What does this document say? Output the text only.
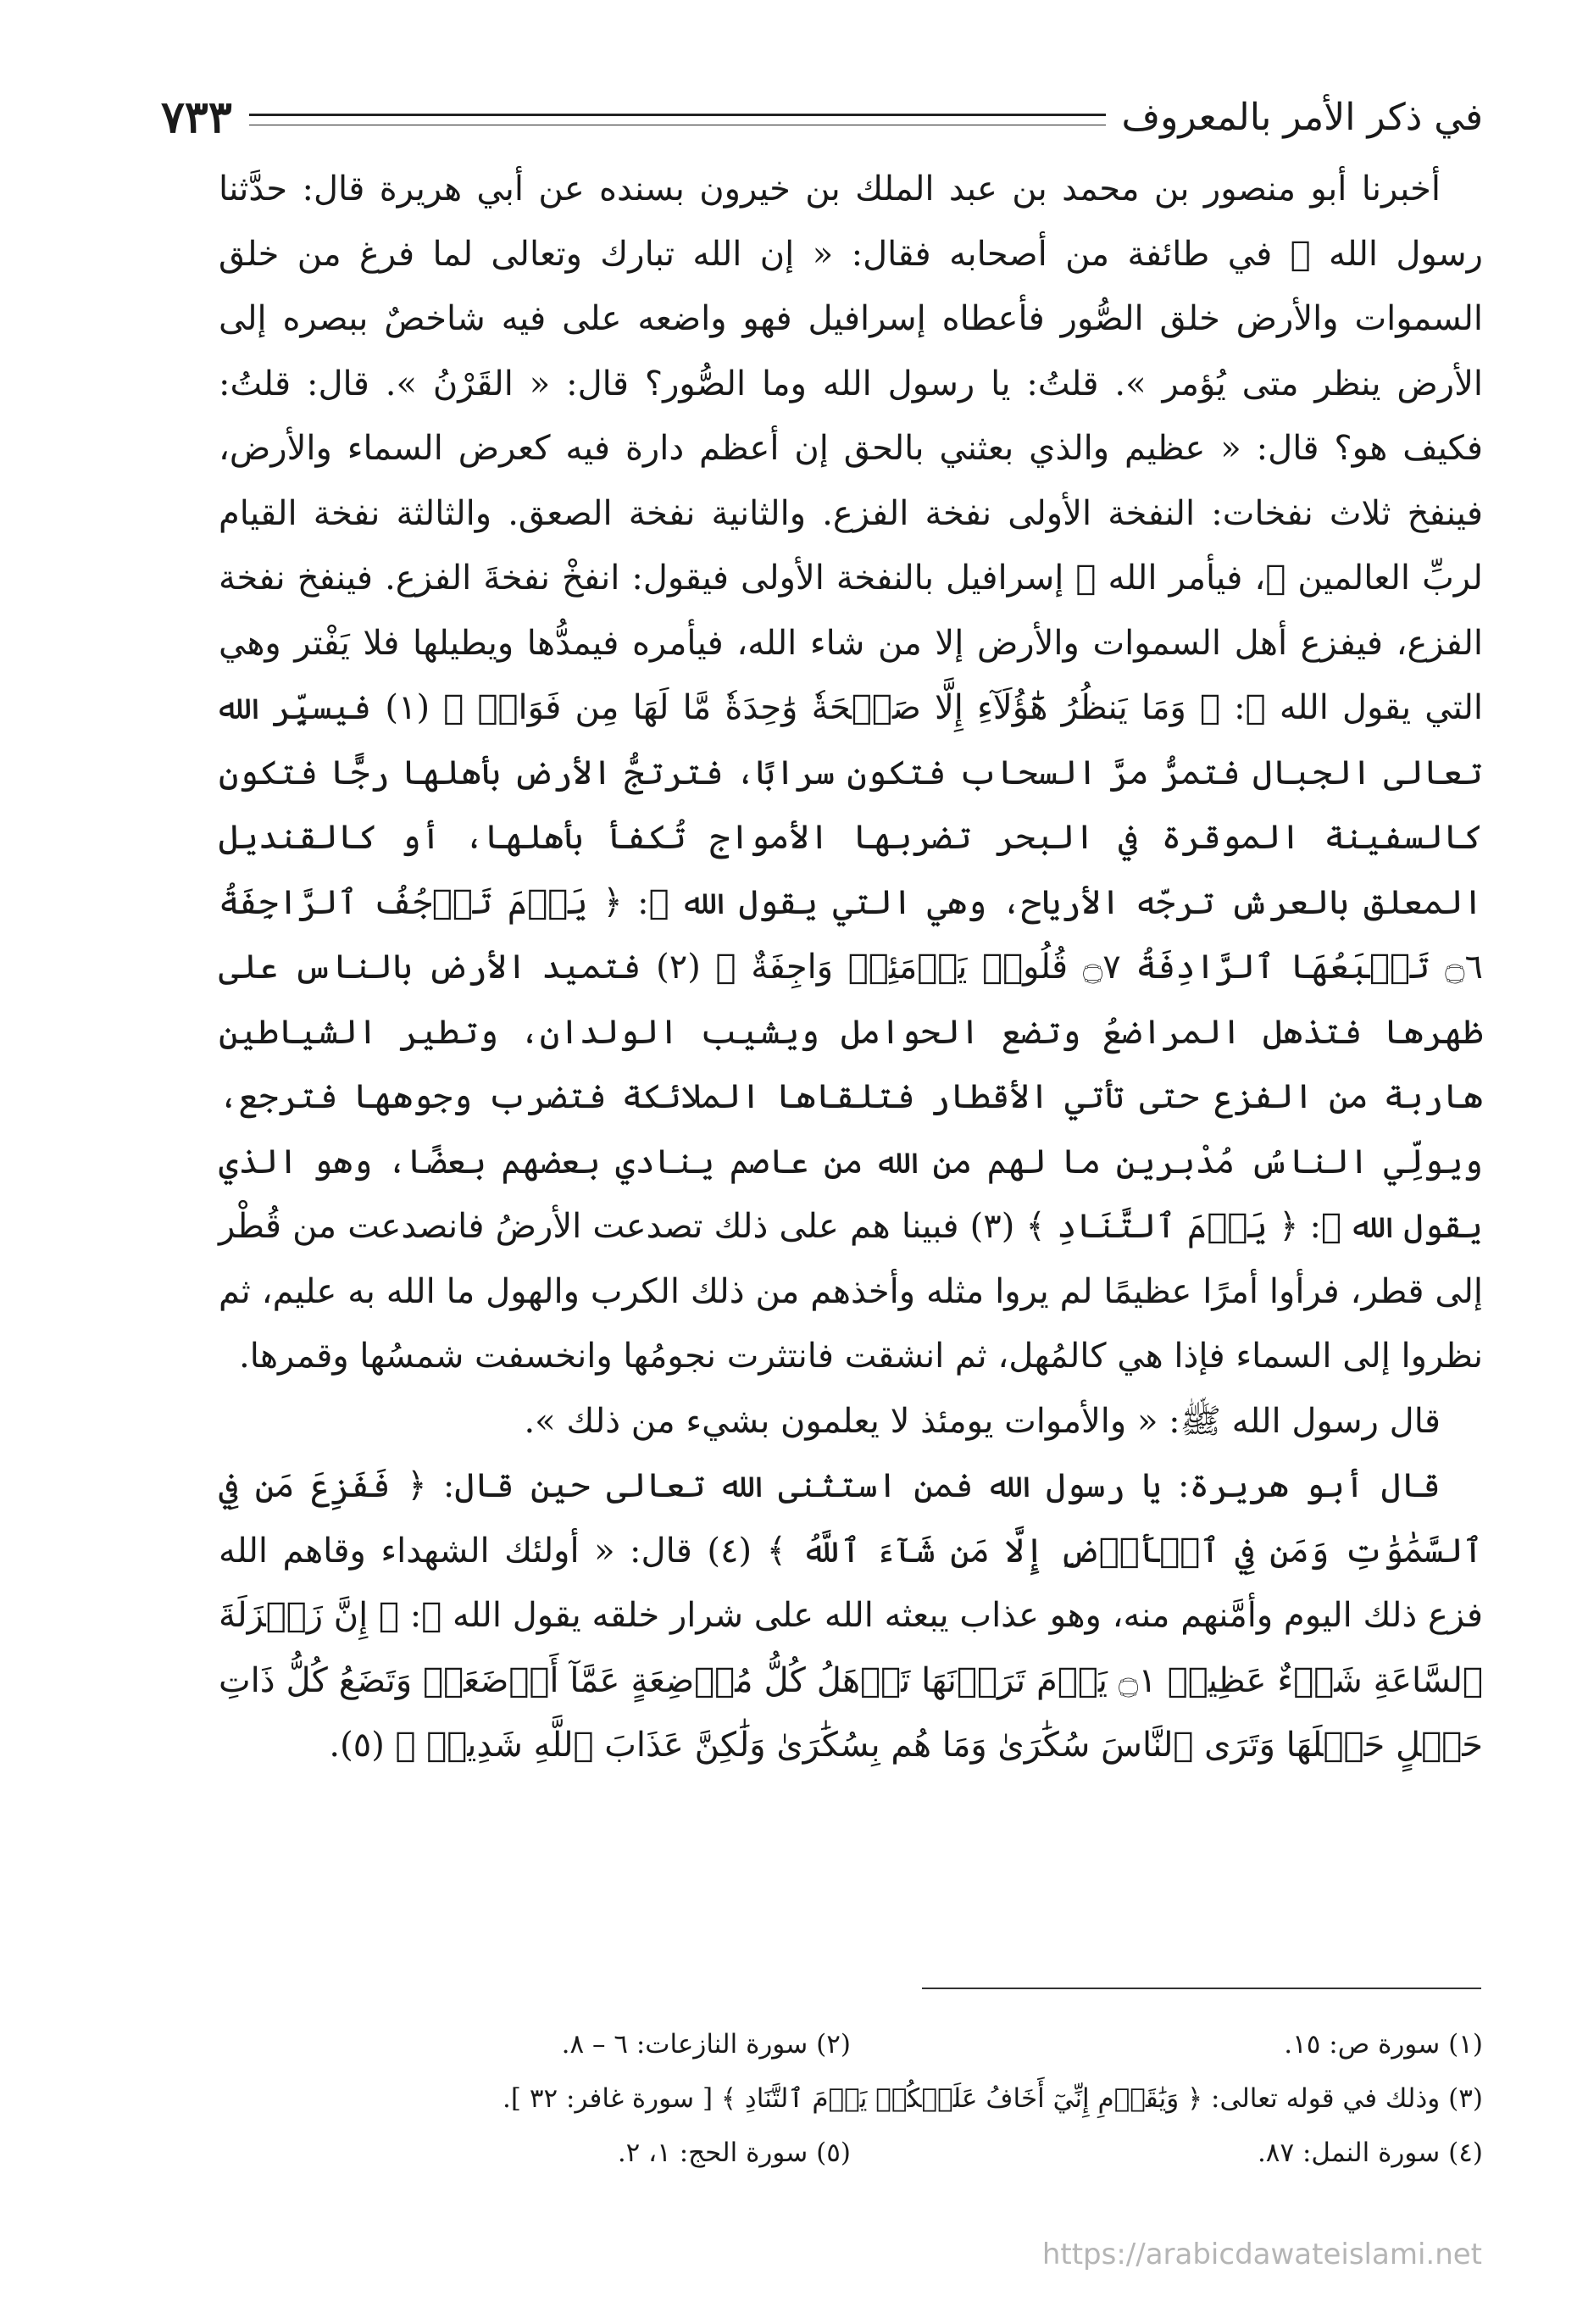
في ذكر الأمر بالمعروف
٧٣٣

أخبرنا أبو منصور بن محمد بن عبد الملك بن خيرون بسنده عن أبي هريرة قال: حدَّثنا رسول الله ﷺ في طائفة من أصحابه فقال: « إن الله تبارك وتعالى لما فرغ من خلق السموات والأرض خلق الصُّور فأعطاه إسرافيل فهو واضعه على فيه شاخصٌ ببصره إلى الأرض ينظر متى يُؤمر ». قلتُ: يا رسول الله وما الصُّور؟ قال: « القَرْنُ ». قال: قلتُ: فكيف هو؟ قال: « عظيم والذي بعثني بالحق إن أعظم دارة فيه كعرض السماء والأرض، فينفخ ثلاث نفخات: النفخة الأولى نفخة الفزع. والثانية نفخة الصعق. والثالثة نفخة القيام لربِّ العالمين ﷻ، فيأمر الله ﷻ إسرافيل بالنفخة الأولى فيقول: انفخْ نفخةَ الفزع. فينفخ نفخة الفزع، فيفزع أهل السموات والأرض إلا من شاء الله، فيأمره فيمدُّها ويطيلها فلا يَفْتر وهي التي يقول الله ﷻ: ﴿ وَمَا يَنظُرُ هَٰٓؤُلَآءِ إِلَّا صَيۡحَةٗ وَٰحِدَةٗ مَّا لَهَا مِن فَوَاقٖ ﴾ (١) فيسيِّر الله تعالى الجبال فتمرُّ مرَّ السحاب فتكون سرابًا، فترتجُّ الأرض بأهلها رجًّا فتكون كالسفينة الموقرة في البحر تضربها الأمواج تُكفأ بأهلها، أو كالقنديل المعلق بالعرش ترجّه الأرياح، وهي التي يقول الله ﷻ: ﴿ يَوۡمَ تَرۡجُفُ ٱلرَّاجِفَةُ ۝٦ تَتۡبَعُهَا ٱلرَّادِفَةُ ۝٧ قُلُوبٞ يَوۡمَئِذٖ وَاجِفَةٌ ﴾ (٢) فتميد الأرض بالناس على ظهرها فتذهل المراضعُ وتضع الحوامل ويشيب الولدان، وتطير الشياطين هاربة من الفزع حتى تأتي الأقطار فتلقاها الملائكة فتضرب وجوهها فترجع، ويولِّي الناسُ مُدْبرين ما لهم من الله من عاصم ينادي بعضهم بعضًا، وهو الذي يقول الله ﷻ: ﴿ يَوۡمَ ٱلتَّنَادِ ﴾ (٣) فبينا هم على ذلك تصدعت الأرضُ فانصدعت من قُطْر إلى قطر، فرأوا أمرًا عظيمًا لم يروا مثله وأخذهم من ذلك الكرب والهول ما الله به عليم، ثم نظروا إلى السماء فإذا هي كالمُهل، ثم انشقت فانتثرت نجومُها وانخسفت شمسُها وقمرها.

قال رسول الله ﷺ: « والأموات يومئذ لا يعلمون بشيء من ذلك ».

قال أبو هريرة: يا رسول الله فمن استثنى الله تعالى حين قال: ﴿ فَفَزِعَ مَن فِي ٱلسَّمَٰوَٰتِ وَمَن فِي ٱلۡأَرۡضِ إِلَّا مَن شَآءَ ٱللَّهُ ﴾ (٤) قال: « أولئك الشهداء وقاهم الله فزع ذلك اليوم وأمَّنهم منه، وهو عذاب يبعثه الله على شرار خلقه يقول الله ﷻ: ﴿ إِنَّ زَلۡزَلَةَ ٱلسَّاعَةِ شَيۡءٌ عَظِيمٞ ۝١ يَوۡمَ تَرَوۡنَهَا تَذۡهَلُ كُلُّ مُرۡضِعَةٍ عَمَّآ أَرۡضَعَتۡ وَتَضَعُ كُلُّ ذَاتِ حَمۡلٍ حَمۡلَهَا وَتَرَى ٱلنَّاسَ سُكَٰرَىٰ وَمَا هُم بِسُكَٰرَىٰ وَلَٰكِنَّ عَذَابَ ٱللَّهِ شَدِيدٞ ﴾ (٥).

(١) سورة ص: ١٥.
(٢) سورة النازعات: ٦ – ٨.
(٣) وذلك في قوله تعالى: ﴿ وَيَٰقَوۡمِ إِنِّيٓ أَخَافُ عَلَيۡكُمۡ يَوۡمَ ٱلتَّنَادِ ﴾ [ سورة غافر: ٣٢ ].
(٤) سورة النمل: ٨٧.
(٥) سورة الحج: ١، ٢.
https://arabicdawateislami.net
